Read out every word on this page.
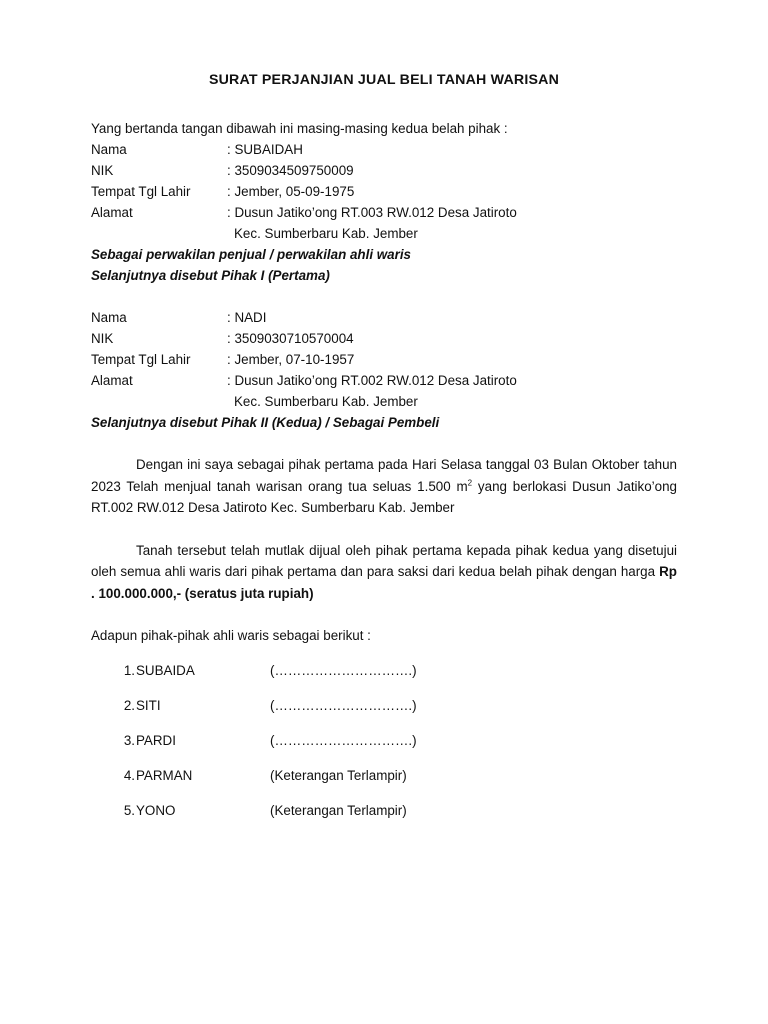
SURAT PERJANJIAN JUAL BELI TANAH WARISAN

Yang bertanda tangan dibawah ini masing-masing kedua belah pihak :

Nama	: SUBAIDAH
NIK	: 3509034509750009
Tempat Tgl Lahir	: Jember, 05-09-1975
Alamat	: Dusun Jatiko’ong RT.003 RW.012 Desa Jatiroto
Kec. Sumberbaru Kab. Jember

Sebagai perwakilan penjual / perwakilan ahli waris

Selanjutnya disebut Pihak I (Pertama)

Nama	: NADI
NIK	: 3509030710570004
Tempat Tgl Lahir	: Jember, 07-10-1957
Alamat	: Dusun Jatiko’ong RT.002 RW.012 Desa Jatiroto
Kec. Sumberbaru Kab. Jember

Selanjutnya disebut Pihak II (Kedua) / Sebagai Pembeli

Dengan ini saya sebagai pihak pertama pada Hari Selasa tanggal 03 Bulan Oktober tahun 2023 Telah menjual tanah warisan orang tua seluas 1.500 $m^2$ yang berlokasi Dusun Jatiko’ong RT.002 RW.012 Desa Jatiroto Kec. Sumberbaru Kab. Jember

Tanah tersebut telah mutlak dijual oleh pihak pertama kepada pihak kedua yang disetujui oleh semua ahli waris dari pihak pertama dan para saksi dari kedua belah pihak dengan harga Rp . 100.000.000,- (seratus juta rupiah)

Adapun pihak-pihak ahli waris sebagai berikut :

1. SUBAIDA	(………………………….)
2. SITI	(………………………….)
3. PARDI	(………………………….)
4. PARMAN	(Keterangan Terlampir)
5. YONO	(Keterangan Terlampir)
